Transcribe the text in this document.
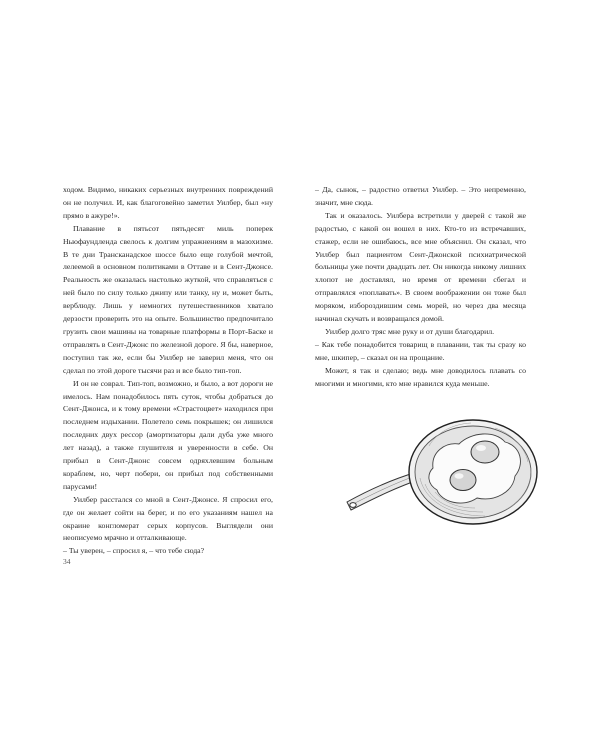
ходом. Видимо, никаких серьезных внутренних повреждений он не получил. И, как благоговейно заметил Уилбер, был «ну прямо в ажуре!».

Плавание в пятьсот пятьдесят миль поперек Ньюфаундленда свелось к долгим упражнениям в мазохизме. В те дни Трансканадское шоссе было еще голубой мечтой, лелеемой в основном политиками в Оттаве и в Сент-Джонсе. Реальность же оказалась настолько жуткой, что справляться с ней было по силу только джипу или танку, ну и, может быть, верблюду. Лишь у немногих путешественников хватало дерзости проверить это на опыте. Большинство предпочитало грузить свои машины на товарные платформы в Порт-Баске и отправлять в Сент-Джонс по железной дороге. Я бы, наверное, поступил так же, если бы Уилбер не заверил меня, что он сделал по этой дороге тысячи раз и все было тип-топ.

И он не соврал. Тип-топ, возможно, и было, а вот дороги не имелось. Нам понадобилось пять суток, чтобы добраться до Сент-Джонса, и к тому времени «Страстоцвет» находился при последнем издыхании. Полетело семь покрышек; он лишился последних двух рессор (амортизаторы дали дуба уже много лет назад), а также глушителя и уверенности в себе. Он прибыл в Сент-Джонс совсем одряхлевшим больным кораблем, но, черт побери, он прибыл под собственными парусами!

Уилбер расстался со мной в Сент-Джонсе. Я спросил его, где он желает сойти на берег, и по его указаниям нашел на окраине конгломерат серых корпусов. Выглядели они неописуемо мрачно и отталкивающе.

– Ты уверен, – спросил я, – что тебе сюда?

– Да, сынок, – радостно ответил Уилбер. – Это непременно, значит, мне сюда.

Так и оказалось. Уилбера встретили у дверей с такой же радостью, с какой он вошел в них. Кто-то из встречавших, стажер, если не ошибаюсь, все мне объяснил. Он сказал, что Уилбер был пациентом Сент-Джонской психиатрической больницы уже почти двадцать лет. Он никогда никому лишних хлопот не доставлял, но время от времени сбегал и отправлялся «поплавать». В своем воображении он тоже был моряком, избороздившим семь морей, но через два месяца начинал скучать и возвращался домой.

Уилбер долго тряс мне руку и от души благодарил.

– Как тебе понадобится товарищ в плавании, так ты сразу ко мне, шкипер, – сказал он на прощание.

Может, я так и сделаю; ведь мне доводилось плавать со многими и многими, кто мне нравился куда меньше.

34
